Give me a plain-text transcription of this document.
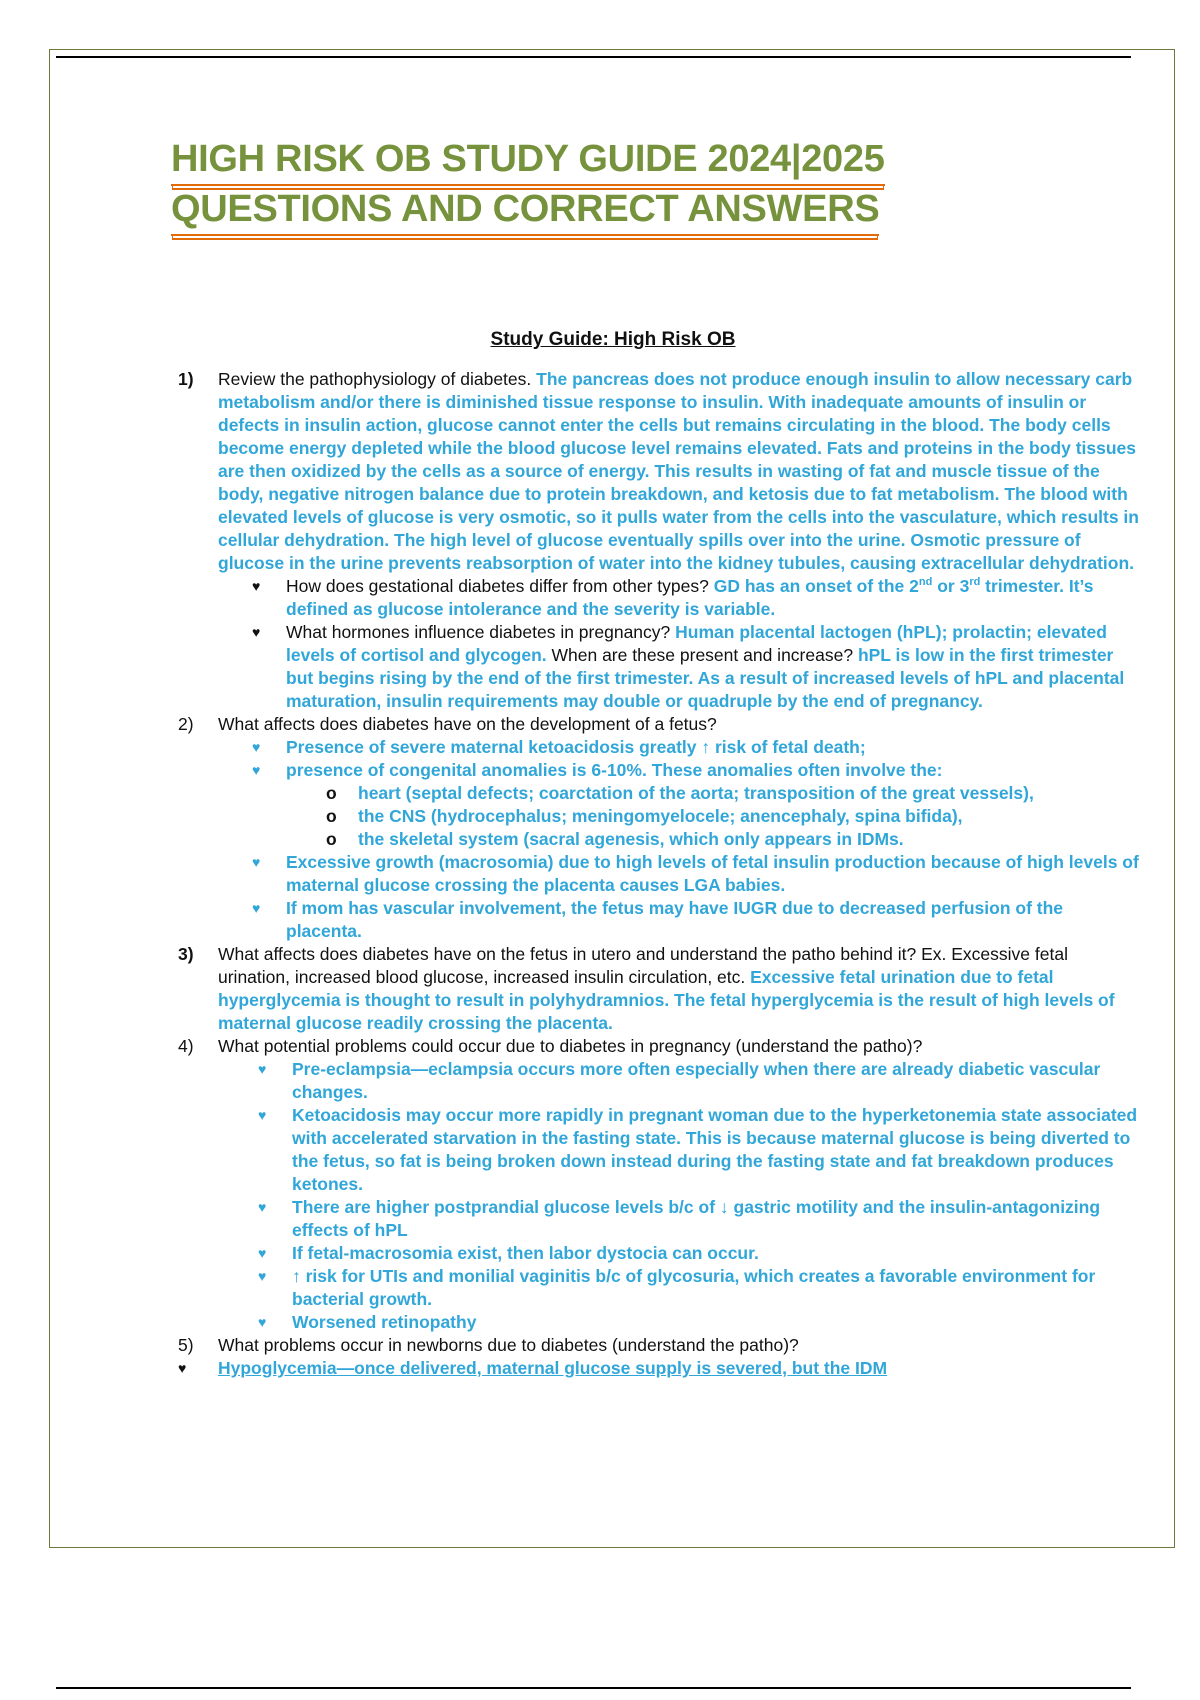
HIGH RISK OB STUDY GUIDE 2024|2025
QUESTIONS AND CORRECT ANSWERS
Study Guide: High Risk OB
1)	Review the pathophysiology of diabetes. The pancreas does not produce enough insulin to allow necessary carb metabolism and/or there is diminished tissue response to insulin. With inadequate amounts of insulin or defects in insulin action, glucose cannot enter the cells but remains circulating in the blood. The body cells become energy depleted while the blood glucose level remains elevated. Fats and proteins in the body tissues are then oxidized by the cells as a source of energy. This results in wasting of fat and muscle tissue of the body, negative nitrogen balance due to protein breakdown, and ketosis due to fat metabolism. The blood with elevated levels of glucose is very osmotic, so it pulls water from the cells into the vasculature, which results in cellular dehydration. The high level of glucose eventually spills over into the urine. Osmotic pressure of glucose in the urine prevents reabsorption of water into the kidney tubules, causing extracellular dehydration.
♥ How does gestational diabetes differ from other types? GD has an onset of the 2nd or 3rd trimester. It’s defined as glucose intolerance and the severity is variable.
♥ What hormones influence diabetes in pregnancy? Human placental lactogen (hPL); prolactin; elevated levels of cortisol and glycogen. When are these present and increase? hPL is low in the first trimester but begins rising by the end of the first trimester. As a result of increased levels of hPL and placental maturation, insulin requirements may double or quadruple by the end of pregnancy.
2)	What affects does diabetes have on the development of a fetus?
♥ Presence of severe maternal ketoacidosis greatly ↑ risk of fetal death;
♥ presence of congenital anomalies is 6-10%. These anomalies often involve the:
o heart (septal defects; coarctation of the aorta; transposition of the great vessels),
o the CNS (hydrocephalus; meningomyelocele; anencephaly, spina bifida),
o the skeletal system (sacral agenesis, which only appears in IDMs.
♥ Excessive growth (macrosomia) due to high levels of fetal insulin production because of high levels of maternal glucose crossing the placenta causes LGA babies.
♥ If mom has vascular involvement, the fetus may have IUGR due to decreased perfusion of the placenta.
3)	What affects does diabetes have on the fetus in utero and understand the patho behind it? Ex. Excessive fetal urination, increased blood glucose, increased insulin circulation, etc. Excessive fetal urination due to fetal hyperglycemia is thought to result in polyhydramnios. The fetal hyperglycemia is the result of high levels of maternal glucose readily crossing the placenta.
4)	What potential problems could occur due to diabetes in pregnancy (understand the patho)?
♥ Pre-eclampsia—eclampsia occurs more often especially when there are already diabetic vascular changes.
♥ Ketoacidosis may occur more rapidly in pregnant woman due to the hyperketonemia state associated with accelerated starvation in the fasting state. This is because maternal glucose is being diverted to the fetus, so fat is being broken down instead during the fasting state and fat breakdown produces ketones.
♥ There are higher postprandial glucose levels b/c of ↓ gastric motility and the insulin-antagonizing effects of hPL
♥ If fetal-macrosomia exist, then labor dystocia can occur.
♥ ↑ risk for UTIs and monilial vaginitis b/c of glycosuria, which creates a favorable environment for bacterial growth.
♥ Worsened retinopathy
5)	What problems occur in newborns due to diabetes (understand the patho)?
♥	Hypoglycemia—once delivered, maternal glucose supply is severed, but the IDM
